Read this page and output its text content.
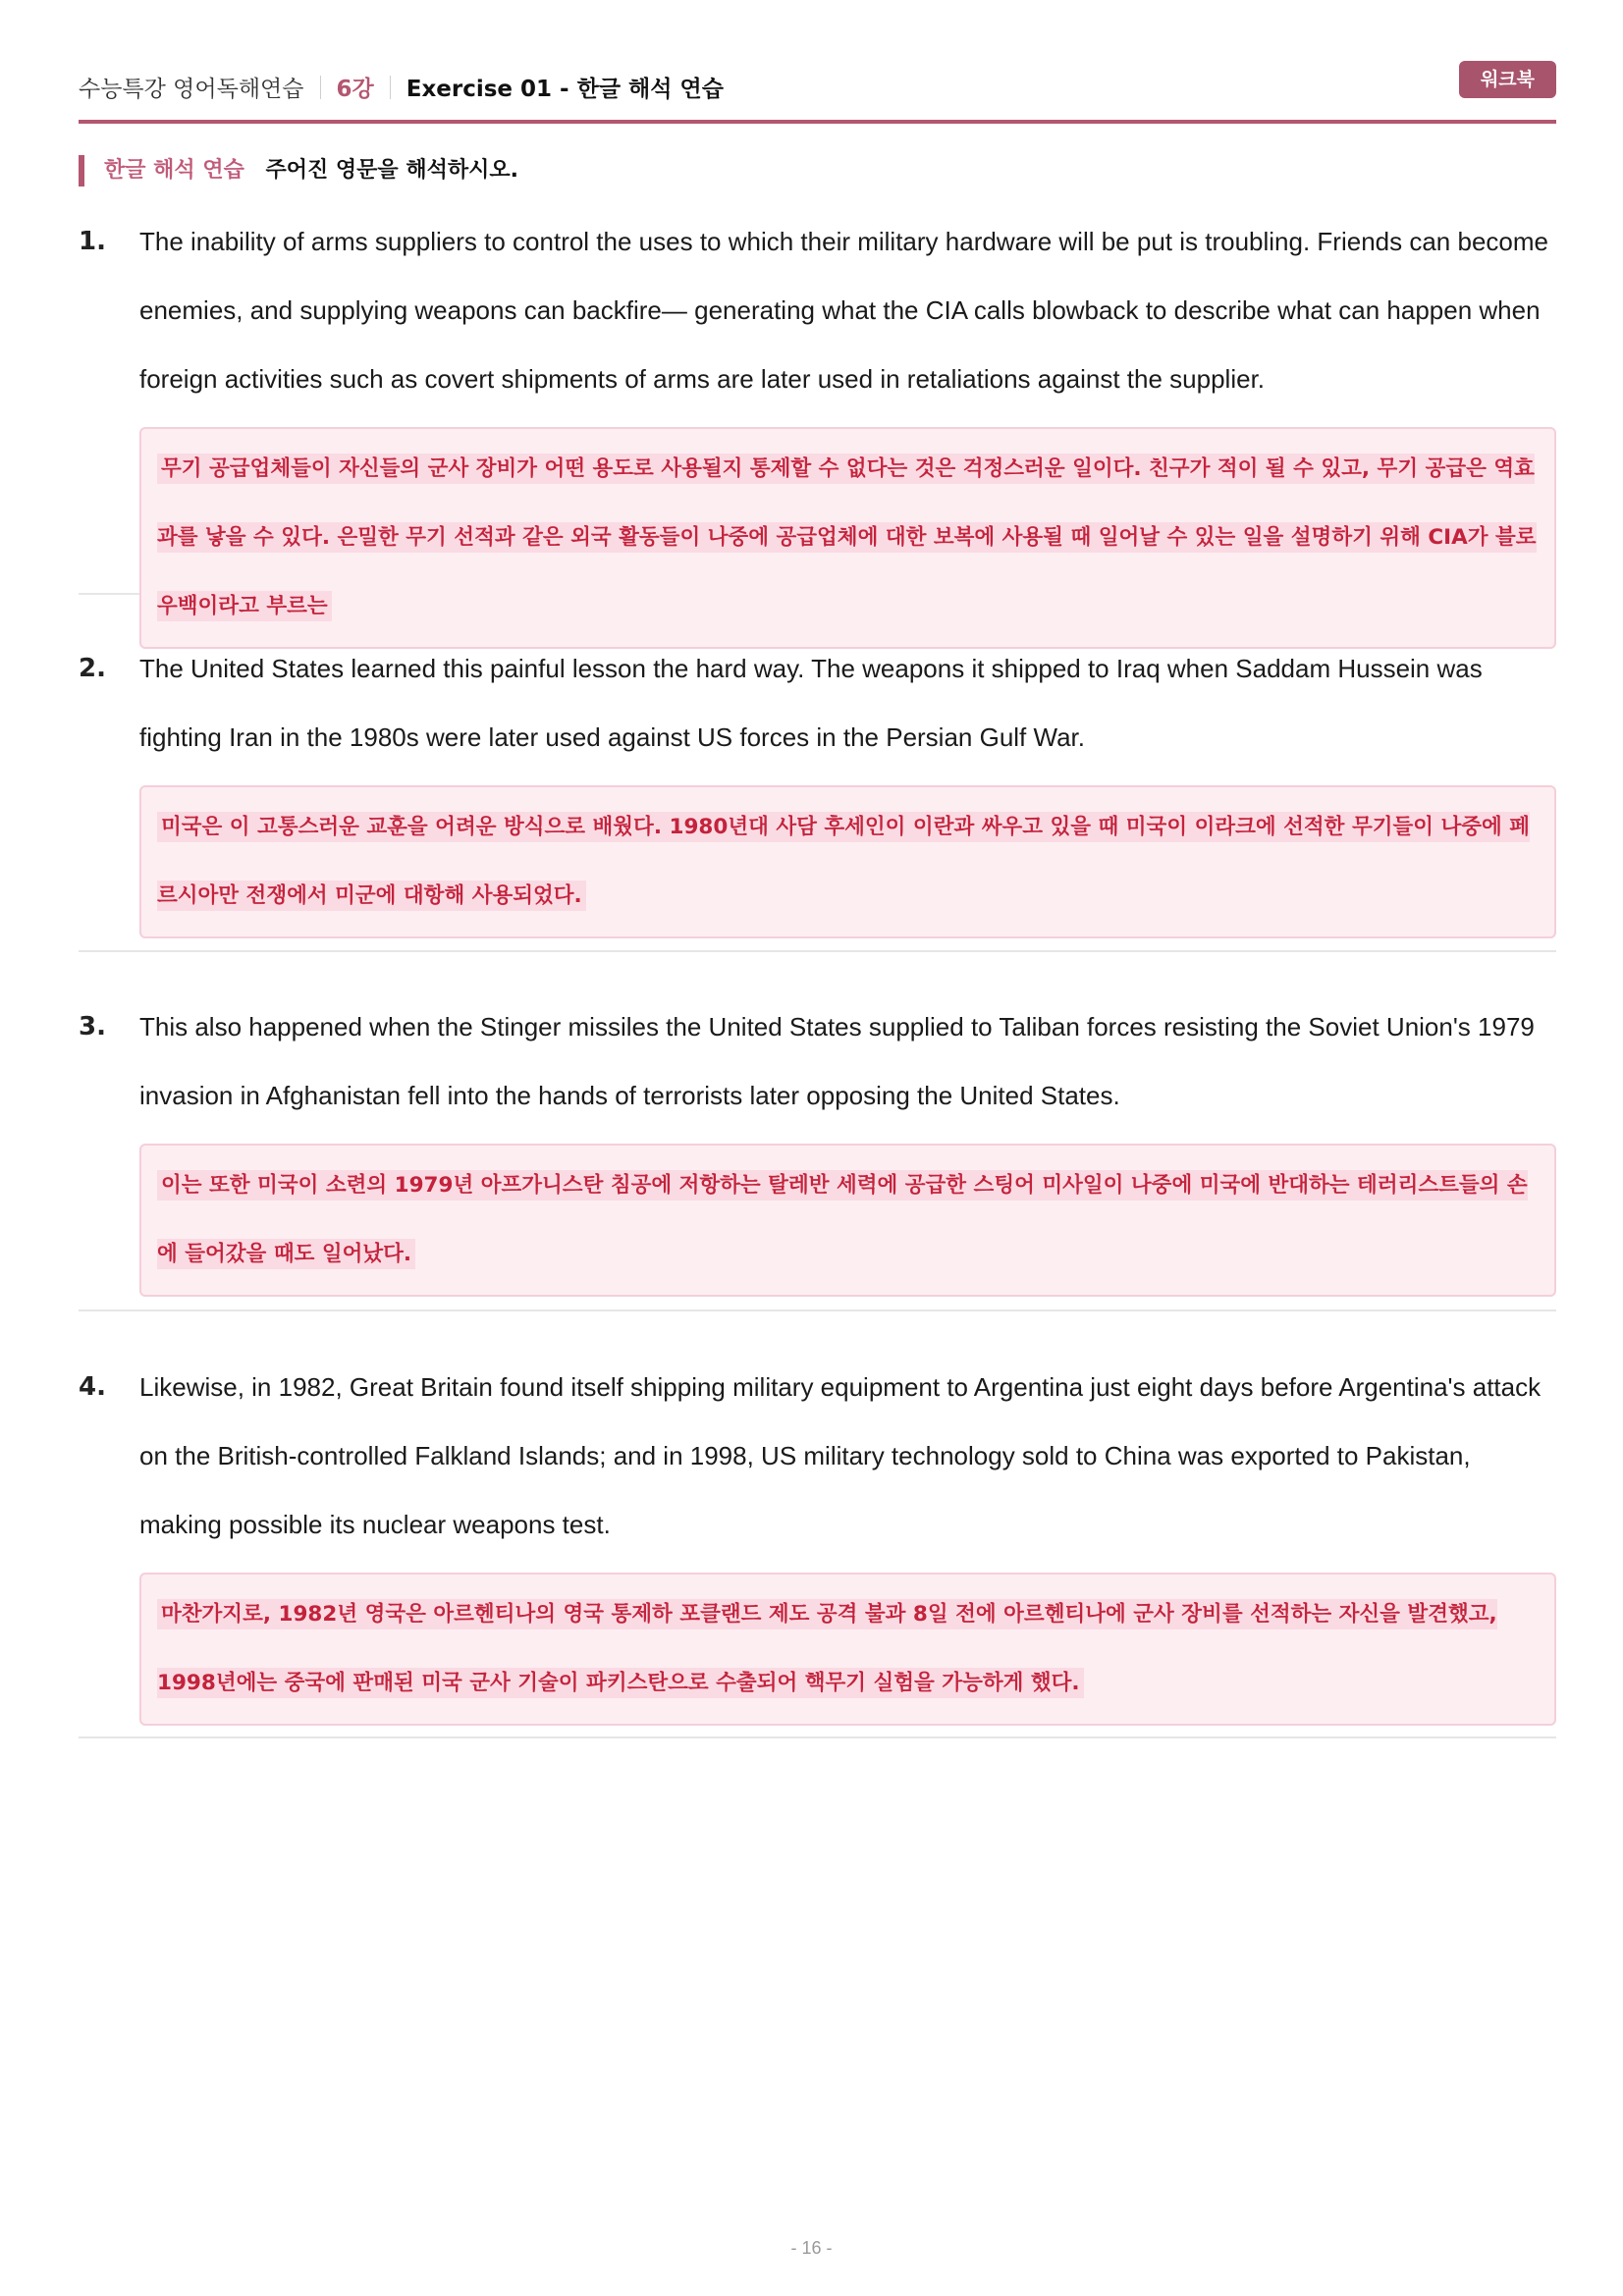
수능특강 영어독해연습 6강 Exercise 01 - 한글 해석 연습	워크북
한글 해석 연습 주어진 영문을 해석하시오.
1. The inability of arms suppliers to control the uses to which their military hardware will be put is troubling. Friends can become enemies, and supplying weapons can backfire— generating what the CIA calls blowback to describe what can happen when foreign activities such as covert shipments of arms are later used in retaliations against the supplier.
무기 공급업체들이 자신들의 군사 장비가 어떤 용도로 사용될지 통제할 수 없다는 것은 걱정스러운 일이다. 친구가 적이 될 수 있고, 무기 공급은 역효과를 낳을 수 있다. 은밀한 무기 선적과 같은 외국 활동들이 나중에 공급업체에 대한 보복에 사용될 때 일어날 수 있는 일을 설명하기 위해 CIA가 블로우백이라고 부르는
2. The United States learned this painful lesson the hard way. The weapons it shipped to Iraq when Saddam Hussein was fighting Iran in the 1980s were later used against US forces in the Persian Gulf War.
미국은 이 고통스러운 교훈을 어려운 방식으로 배웠다. 1980년대 사담 후세인이 이란과 싸우고 있을 때 미국이 이라크에 선적한 무기들이 나중에 페르시아만 전쟁에서 미군에 대항해 사용되었다.
3. This also happened when the Stinger missiles the United States supplied to Taliban forces resisting the Soviet Union's 1979 invasion in Afghanistan fell into the hands of terrorists later opposing the United States.
이는 또한 미국이 소련의 1979년 아프가니스탄 침공에 저항하는 탈레반 세력에 공급한 스팅어 미사일이 나중에 미국에 반대하는 테러리스트들의 손에 들어갔을 때도 일어났다.
4. Likewise, in 1982, Great Britain found itself shipping military equipment to Argentina just eight days before Argentina's attack on the British-controlled Falkland Islands; and in 1998, US military technology sold to China was exported to Pakistan, making possible its nuclear weapons test.
마찬가지로, 1982년 영국은 아르헨티나의 영국 통제하 포클랜드 제도 공격 불과 8일 전에 아르헨티나에 군사 장비를 선적하는 자신을 발견했고, 1998년에는 중국에 판매된 미국 군사 기술이 파키스탄으로 수출되어 핵무기 실험을 가능하게 했다.
- 16 -
